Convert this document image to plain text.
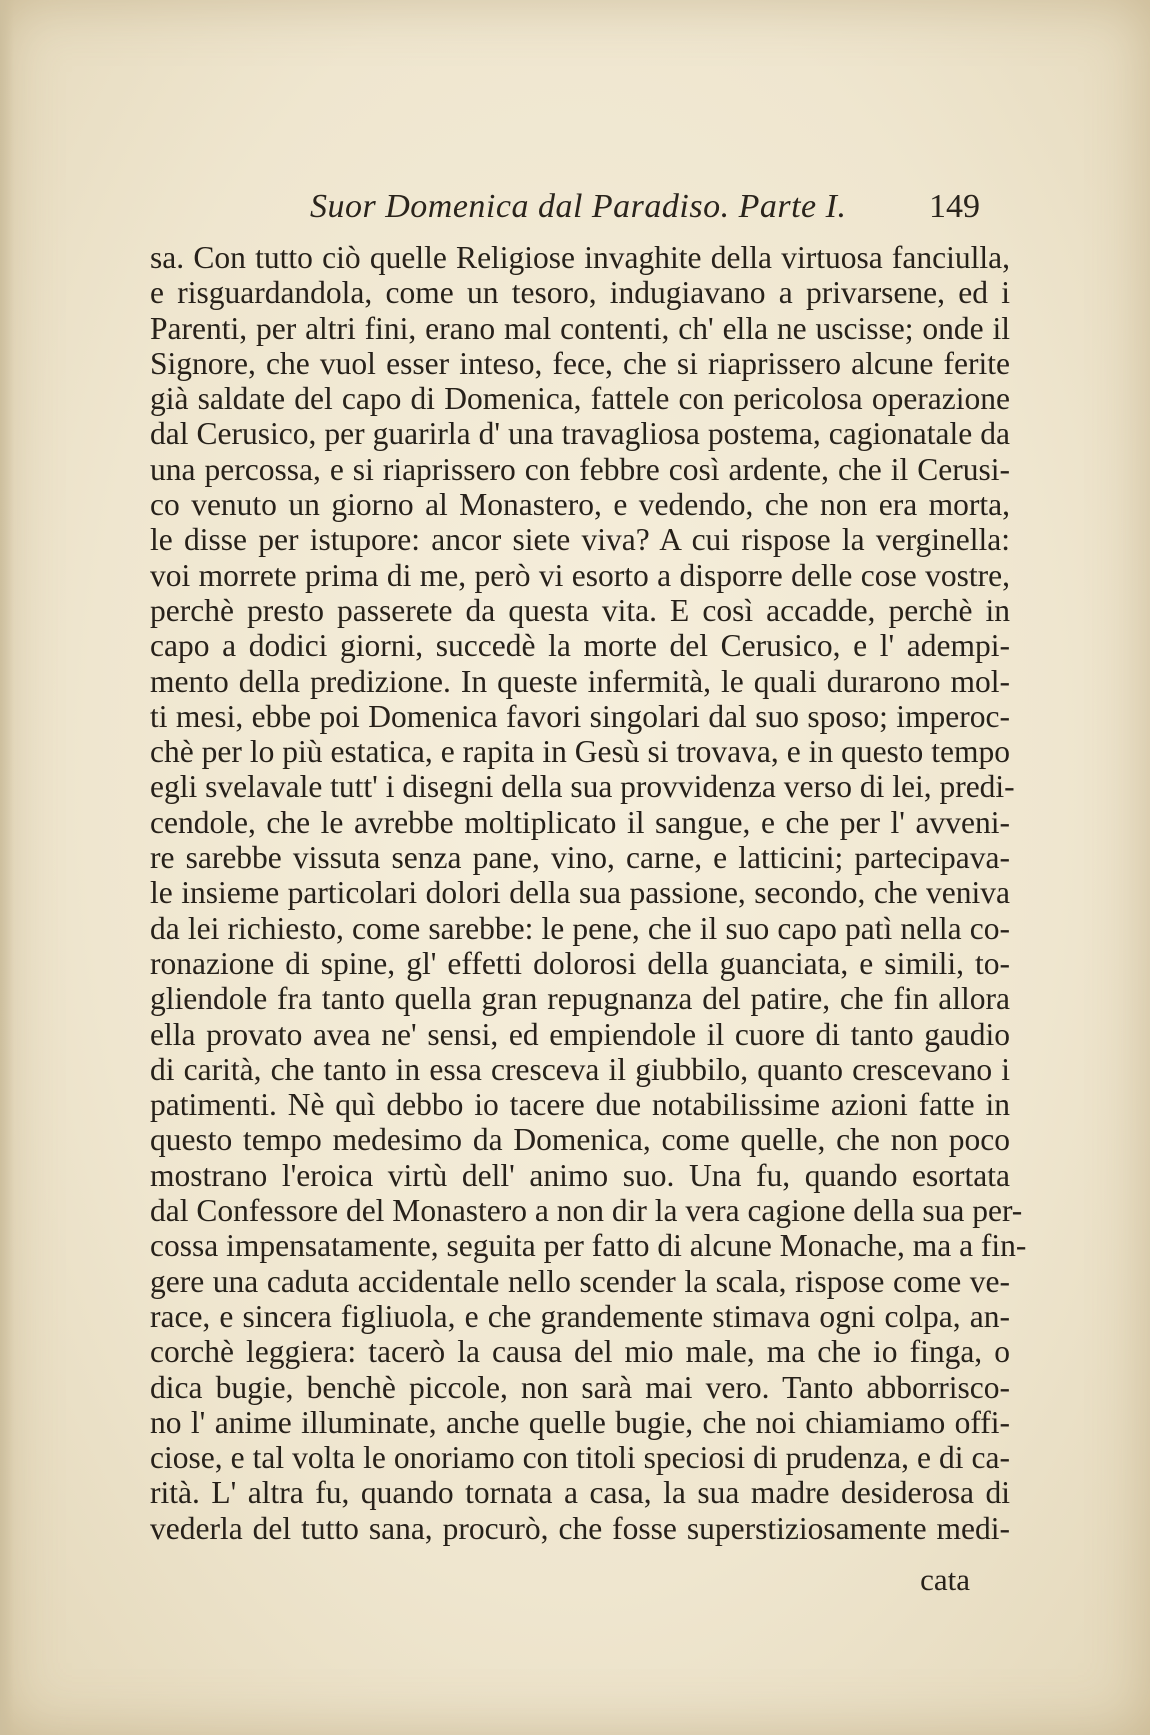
Suor Domenica dal Paradiso. Parte I. 149
sa. Con tutto ciò quelle Religiose invaghite della virtuosa fanciulla,
e risguardandola, come un tesoro, indugiavano a privarsene, ed i
Parenti, per altri fini, erano mal contenti, ch' ella ne uscisse; onde il
Signore, che vuol esser inteso, fece, che si riaprissero alcune ferite
già saldate del capo di Domenica, fattele con pericolosa operazione
dal Cerusico, per guarirla d' una travagliosa postema, cagionatale da
una percossa, e si riaprissero con febbre così ardente, che il Cerusi-
co venuto un giorno al Monastero, e vedendo, che non era morta,
le disse per istupore: ancor siete viva? A cui rispose la verginella:
voi morrete prima di me, però vi esorto a disporre delle cose vostre,
perchè presto passerete da questa vita. E così accadde, perchè in
capo a dodici giorni, succedè la morte del Cerusico, e l' adempi-
mento della predizione. In queste infermità, le quali durarono mol-
ti mesi, ebbe poi Domenica favori singolari dal suo sposo; imperoc-
chè per lo più estatica, e rapita in Gesù si trovava, e in questo tempo
egli svelavale tutt' i disegni della sua provvidenza verso di lei, predi-
cendole, che le avrebbe moltiplicato il sangue, e che per l' avveni-
re sarebbe vissuta senza pane, vino, carne, e latticini; partecipava-
le insieme particolari dolori della sua passione, secondo, che veniva
da lei richiesto, come sarebbe: le pene, che il suo capo patì nella co-
ronazione di spine, gl' effetti dolorosi della guanciata, e simili, to-
gliendole fra tanto quella gran repugnanza del patire, che fin allora
ella provato avea ne' sensi, ed empiendole il cuore di tanto gaudio
di carità, che tanto in essa cresceva il giubbilo, quanto crescevano i
patimenti. Nè quì debbo io tacere due notabilissime azioni fatte in
questo tempo medesimo da Domenica, come quelle, che non poco
mostrano l'eroica virtù dell' animo suo. Una fu, quando esortata
dal Confessore del Monastero a non dir la vera cagione della sua per-
cossa impensatamente, seguita per fatto di alcune Monache, ma a fin-
gere una caduta accidentale nello scender la scala, rispose come ve-
race, e sincera figliuola, e che grandemente stimava ogni colpa, an-
corchè leggiera: tacerò la causa del mio male, ma che io finga, o
dica bugie, benchè piccole, non sarà mai vero. Tanto abborrisco-
no l' anime illuminate, anche quelle bugie, che noi chiamiamo offi-
ciose, e tal volta le onoriamo con titoli speciosi di prudenza, e di ca-
rità. L' altra fu, quando tornata a casa, la sua madre desiderosa di
vederla del tutto sana, procurò, che fosse superstiziosamente medi-
cata
